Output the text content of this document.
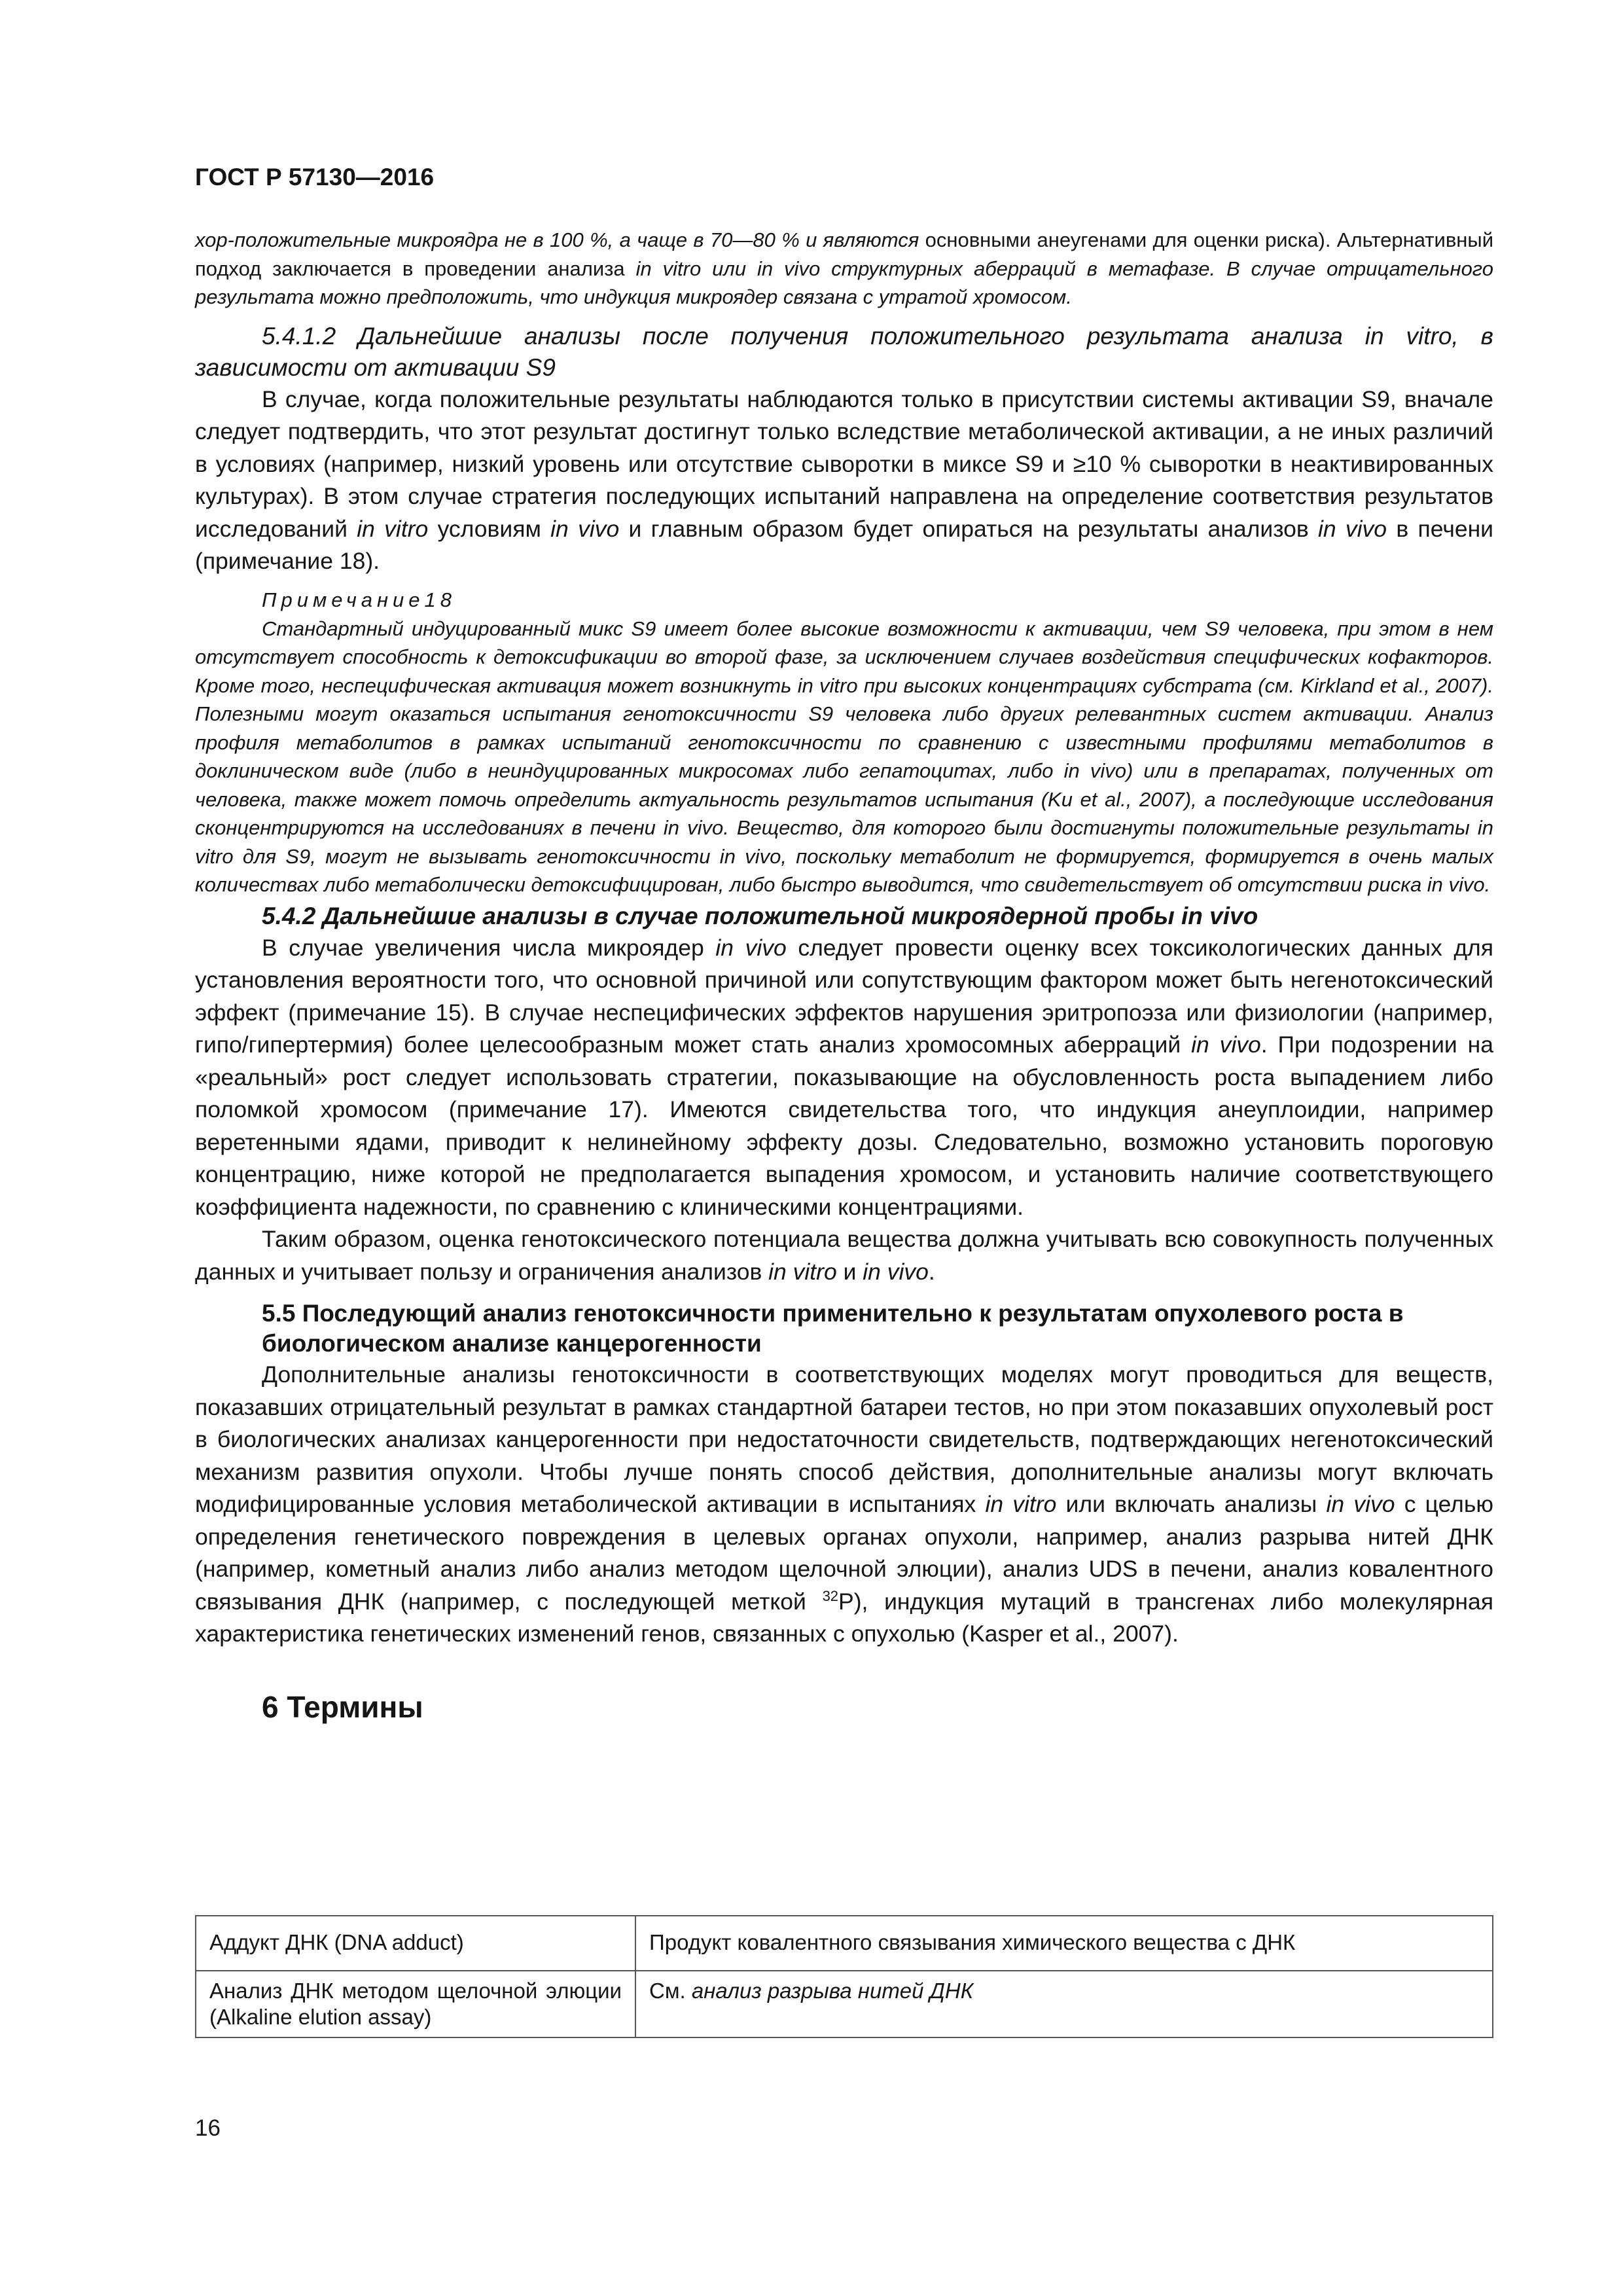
ГОСТ Р 57130—2016

хор-положительные микроядра не в 100 %, а чаще в 70—80 % и являются основными анеугенами для оценки риска). Альтернативный подход заключается в проведении анализа in vitro или in vivo структурных аберраций в метафазе. В случае отрицательного результата можно предположить, что индукция микроядер связана с утратой хромосом.

5.4.1.2 Дальнейшие анализы после получения положительного результата анализа in vitro, в зависимости от активации S9

В случае, когда положительные результаты наблюдаются только в присутствии системы активации S9, вначале следует подтвердить, что этот результат достигнут только вследствие метаболической активации, а не иных различий в условиях (например, низкий уровень или отсутствие сыворотки в миксе S9 и ≥10 % сыворотки в неактивированных культурах). В этом случае стратегия последующих испытаний направлена на определение соответствия результатов исследований in vitro условиям in vivo и главным образом будет опираться на результаты анализов in vivo в печени (примечание 18).

Примечание18

Стандартный индуцированный микс S9 имеет более высокие возможности к активации, чем S9 человека, при этом в нем отсутствует способность к детоксификации во второй фазе, за исключением случаев воздействия специфических кофакторов. Кроме того, неспецифическая активация может возникнуть in vitro при высоких концентрациях субстрата (см. Kirkland et al., 2007). Полезными могут оказаться испытания генотоксичности S9 человека либо других релевантных систем активации. Анализ профиля метаболитов в рамках испытаний генотоксичности по сравнению с известными профилями метаболитов в доклиническом виде (либо в неиндуцированных микросомах либо гепатоцитах, либо in vivo) или в препаратах, полученных от человека, также может помочь определить актуальность результатов испытания (Ku et al., 2007), а последующие исследования сконцентрируются на исследованиях в печени in vivo. Вещество, для которого были достигнуты положительные результаты in vitro для S9, могут не вызывать генотоксичности in vivo, поскольку метаболит не формируется, формируется в очень малых количествах либо метаболически детоксифицирован, либо быстро выводится, что свидетельствует об отсутствии риска in vivo.

5.4.2 Дальнейшие анализы в случае положительной микроядерной пробы in vivo

В случае увеличения числа микроядер in vivo следует провести оценку всех токсикологических данных для установления вероятности того, что основной причиной или сопутствующим фактором может быть негенотоксический эффект (примечание 15). В случае неспецифических эффектов нарушения эритропоэза или физиологии (например, гипо/гипертермия) более целесообразным может стать анализ хромосомных аберраций in vivo. При подозрении на «реальный» рост следует использовать стратегии, показывающие на обусловленность роста выпадением либо поломкой хромосом (примечание 17). Имеются свидетельства того, что индукция анеуплоидии, например веретенными ядами, приводит к нелинейному эффекту дозы. Следовательно, возможно установить пороговую концентрацию, ниже которой не предполагается выпадения хромосом, и установить наличие соответствующего коэффициента надежности, по сравнению с клиническими концентрациями.

Таким образом, оценка генотоксического потенциала вещества должна учитывать всю совокупность полученных данных и учитывает пользу и ограничения анализов in vitro и in vivo.

5.5 Последующий анализ генотоксичности применительно к результатам опухолевого роста в биологическом анализе канцерогенности

Дополнительные анализы генотоксичности в соответствующих моделях могут проводиться для веществ, показавших отрицательный результат в рамках стандартной батареи тестов, но при этом показавших опухолевый рост в биологических анализах канцерогенности при недостаточности свидетельств, подтверждающих негенотоксический механизм развития опухоли. Чтобы лучше понять способ действия, дополнительные анализы могут включать модифицированные условия метаболической активации в испытаниях in vitro или включать анализы in vivo с целью определения генетического повреждения в целевых органах опухоли, например, анализ разрыва нитей ДНК (например, кометный анализ либо анализ методом щелочной элюции), анализ UDS в печени, анализ ковалентного связывания ДНК (например, с последующей меткой $^{32}$P), индукция мутаций в трансгенах либо молекулярная характеристика генетических изменений генов, связанных с опухолью (Kasper et al., 2007).

6 Термины
Аддукт ДНК (DNA adduct)	Продукт ковалентного связывания химического вещества с ДНК
Анализ ДНК методом щелочной элюции (Alkaline elution assay)	См. анализ разрыва нитей ДНК
16
